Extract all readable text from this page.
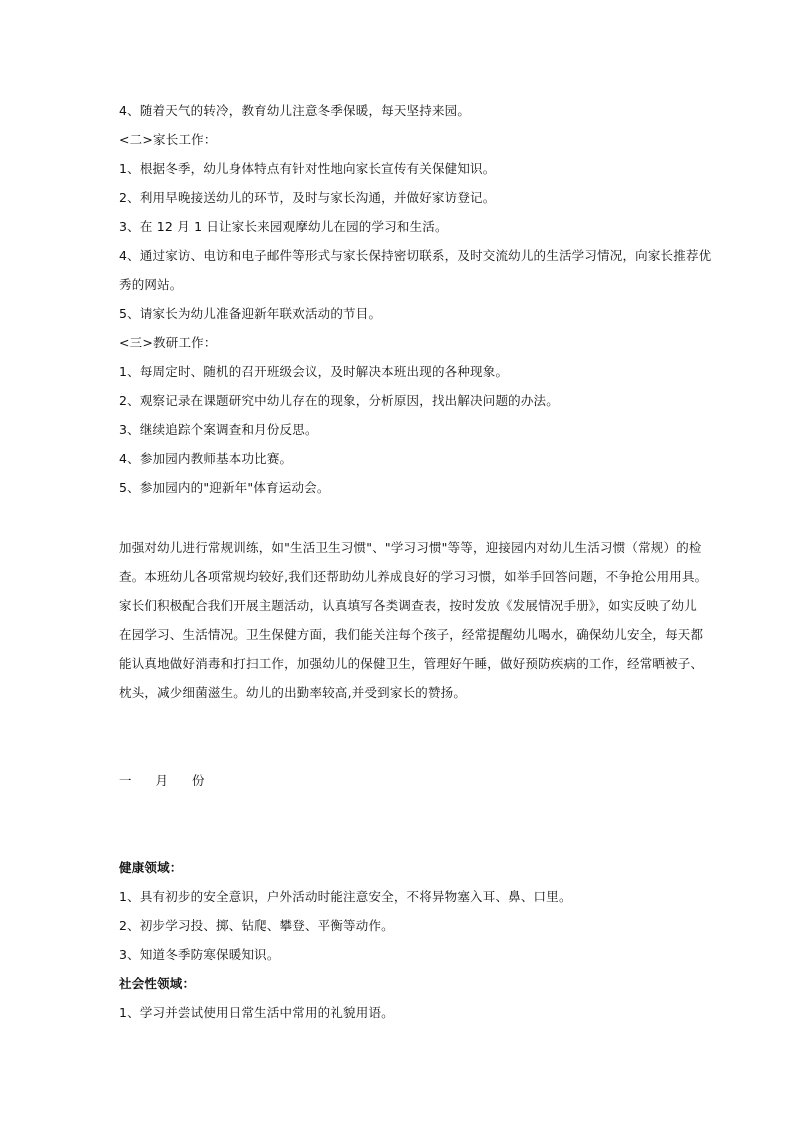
4、随着天气的转冷，教育幼儿注意冬季保暖，每天坚持来园。
<二>家长工作：
1、根据冬季，幼儿身体特点有针对性地向家长宣传有关保健知识。
2、利用早晚接送幼儿的环节，及时与家长沟通，并做好家访登记。
3、在 12 月 1 日让家长来园观摩幼儿在园的学习和生活。
4、通过家访、电访和电子邮件等形式与家长保持密切联系，及时交流幼儿的生活学习情况，向家长推荐优
秀的网站。
5、请家长为幼儿准备迎新年联欢活动的节目。
<三>教研工作：
1、每周定时、随机的召开班级会议，及时解决本班出现的各种现象。
2、观察记录在课题研究中幼儿存在的现象，分析原因，找出解决问题的办法。
3、继续追踪个案调查和月份反思。
4、参加园内教师基本功比赛。
5、参加园内的"迎新年"体育运动会。
加强对幼儿进行常规训练，如"生活卫生习惯"、"学习习惯"等等，迎接园内对幼儿生活习惯（常规）的检
查。本班幼儿各项常规均较好,我们还帮助幼儿养成良好的学习习惯，如举手回答问题，不争抢公用用具。
家长们积极配合我们开展主题活动，认真填写各类调查表，按时发放《发展情况手册》，如实反映了幼儿
在园学习、生活情况。卫生保健方面，我们能关注每个孩子，经常提醒幼儿喝水，确保幼儿安全，每天都
能认真地做好消毒和打扫工作，加强幼儿的保健卫生，管理好午睡，做好预防疾病的工作，经常晒被子、
枕头，减少细菌滋生。幼儿的出勤率较高,并受到家长的赞扬。
一 月 份
健康领域：
1、具有初步的安全意识，户外活动时能注意安全，不将异物塞入耳、鼻、口里。
2、初步学习投、掷、钻爬、攀登、平衡等动作。
3、知道冬季防寒保暖知识。
社会性领域：
1、学习并尝试使用日常生活中常用的礼貌用语。
